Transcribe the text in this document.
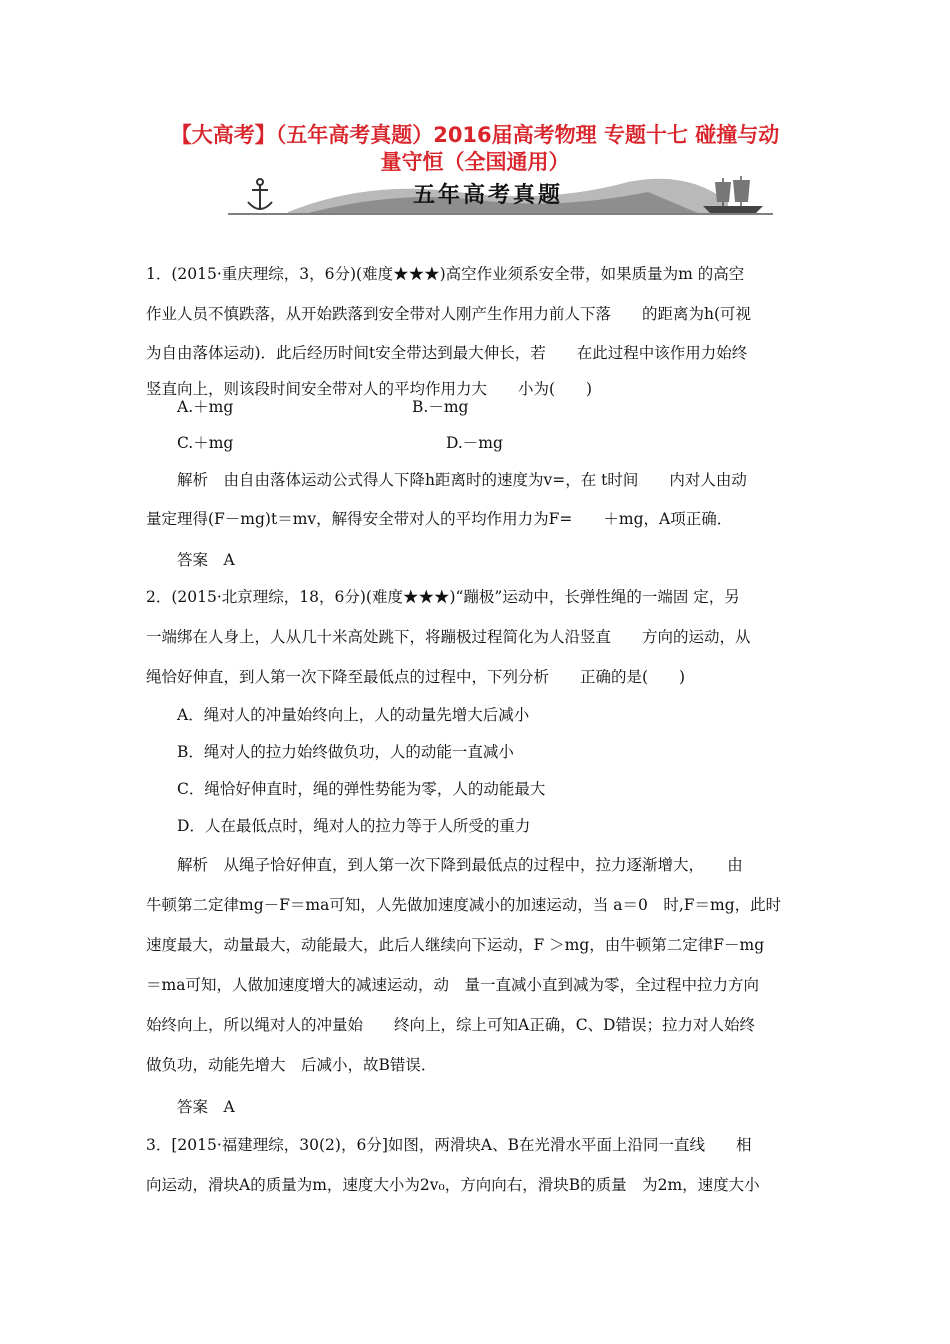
【大高考】（五年高考真题）2016届高考物理 专题十七 碰撞与动
量守恒（全国通用）
五年高考真题
1．(2015·重庆理综，3，6分)(难度★★★)高空作业须系安全带，如果质量为m 的高空
作业人员不慎跌落，从开始跌落到安全带对人刚产生作用力前人下落　　的距离为h(可视
为自由落体运动)．此后经历时间t安全带达到最大伸长，若　　在此过程中该作用力始终
竖直向上，则该段时间安全带对人的平均作用力大　　小为(　　)
A.＋mg	B.－mg
C.＋mg	D.－mg
解析　由自由落体运动公式得人下降h距离时的速度为v=，在 t时间　　内对人由动
量定理得(F－mg)t＝mv，解得安全带对人的平均作用力为F=　　＋mg，A项正确．
答案　A
2．(2015·北京理综，18，6分)(难度★★★)“蹦极”运动中，长弹性绳的一端固 定，另
一端绑在人身上，人从几十米高处跳下，将蹦极过程简化为人沿竖直　　方向的运动，从
绳恰好伸直，到人第一次下降至最低点的过程中，下列分析　　正确的是(　　)
A．绳对人的冲量始终向上，人的动量先增大后减小
B．绳对人的拉力始终做负功，人的动能一直减小
C．绳恰好伸直时，绳的弹性势能为零，人的动能最大
D．人在最低点时，绳对人的拉力等于人所受的重力
解析　从绳子恰好伸直，到人第一次下降到最低点的过程中，拉力逐渐增大，　　由
牛顿第二定律mg－F＝ma可知，人先做加速度减小的加速运动，当 a＝0　时,F＝mg，此时
速度最大，动量最大，动能最大，此后人继续向下运动，F ＞mg，由牛顿第二定律F－mg
＝ma可知，人做加速度增大的减速运动，动　量一直减小直到减为零，全过程中拉力方向
始终向上，所以绳对人的冲量始　　终向上，综上可知A正确，C、D错误；拉力对人始终
做负功，动能先增大　后减小，故B错误．
答案　A
3．[2015·福建理综，30(2)，6分]如图，两滑块A、B在光滑水平面上沿同一直线　　相
向运动，滑块A的质量为m，速度大小为2v₀，方向向右，滑块B的质量　为2m，速度大小
